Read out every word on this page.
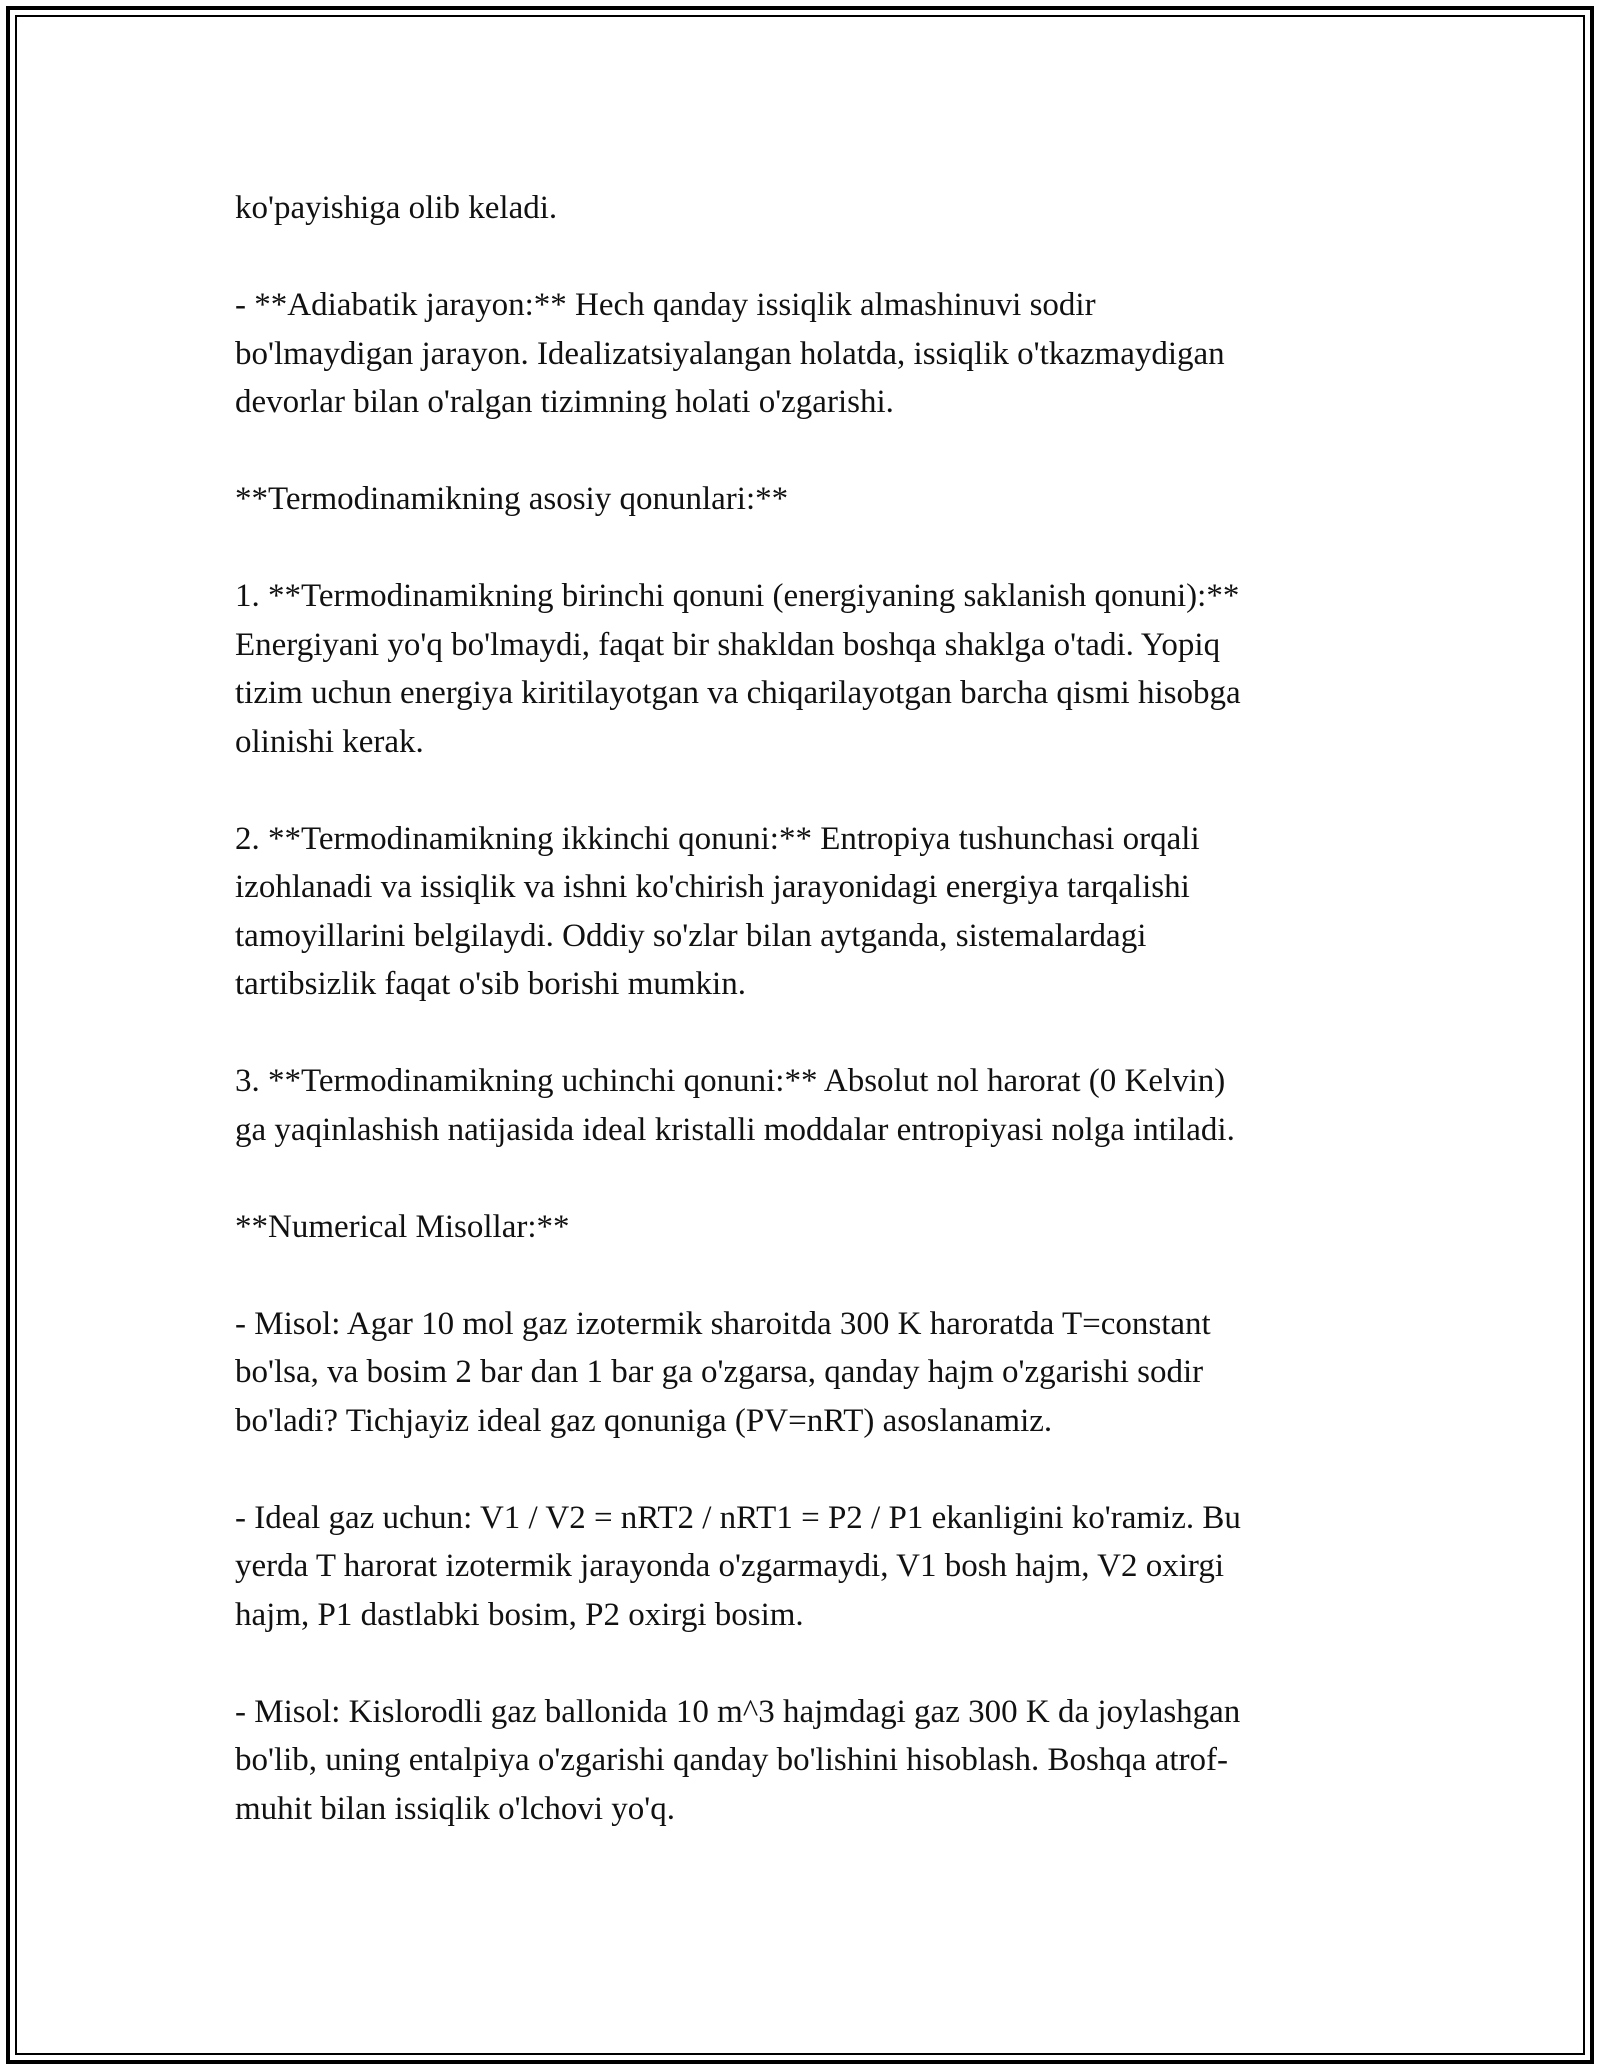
ko'payishiga olib keladi.

- **Adiabatik jarayon:** Hech qanday issiqlik almashinuvi sodir
bo'lmaydigan jarayon. Idealizatsiyalangan holatda, issiqlik o'tkazmaydigan
devorlar bilan o'ralgan tizimning holati o'zgarishi.

**Termodinamikning asosiy qonunlari:**

1. **Termodinamikning birinchi qonuni (energiyaning saklanish qonuni):**
Energiyani yo'q bo'lmaydi, faqat bir shakldan boshqa shaklga o'tadi. Yopiq
tizim uchun energiya kiritilayotgan va chiqarilayotgan barcha qismi hisobga
olinishi kerak.

2. **Termodinamikning ikkinchi qonuni:** Entropiya tushunchasi orqali
izohlanadi va issiqlik va ishni ko'chirish jarayonidagi energiya tarqalishi
tamoyillarini belgilaydi. Oddiy so'zlar bilan aytganda, sistemalardagi
tartibsizlik faqat o'sib borishi mumkin.

3. **Termodinamikning uchinchi qonuni:** Absolut nol harorat (0 Kelvin)
ga yaqinlashish natijasida ideal kristalli moddalar entropiyasi nolga intiladi.

**Numerical Misollar:**

- Misol: Agar 10 mol gaz izotermik sharoitda 300 K haroratda T=constant
bo'lsa, va bosim 2 bar dan 1 bar ga o'zgarsa, qanday hajm o'zgarishi sodir
bo'ladi? Tichjayiz ideal gaz qonuniga (PV=nRT) asoslanamiz.

- Ideal gaz uchun: V1 / V2 = nRT2 / nRT1 = P2 / P1 ekanligini ko'ramiz. Bu
yerda T harorat izotermik jarayonda o'zgarmaydi, V1 bosh hajm, V2 oxirgi
hajm, P1 dastlabki bosim, P2 oxirgi bosim.

- Misol: Kislorodli gaz ballonida 10 m^3 hajmdagi gaz 300 K da joylashgan
bo'lib, uning entalpiya o'zgarishi qanday bo'lishini hisoblash. Boshqa atrof-
muhit bilan issiqlik o'lchovi yo'q.
